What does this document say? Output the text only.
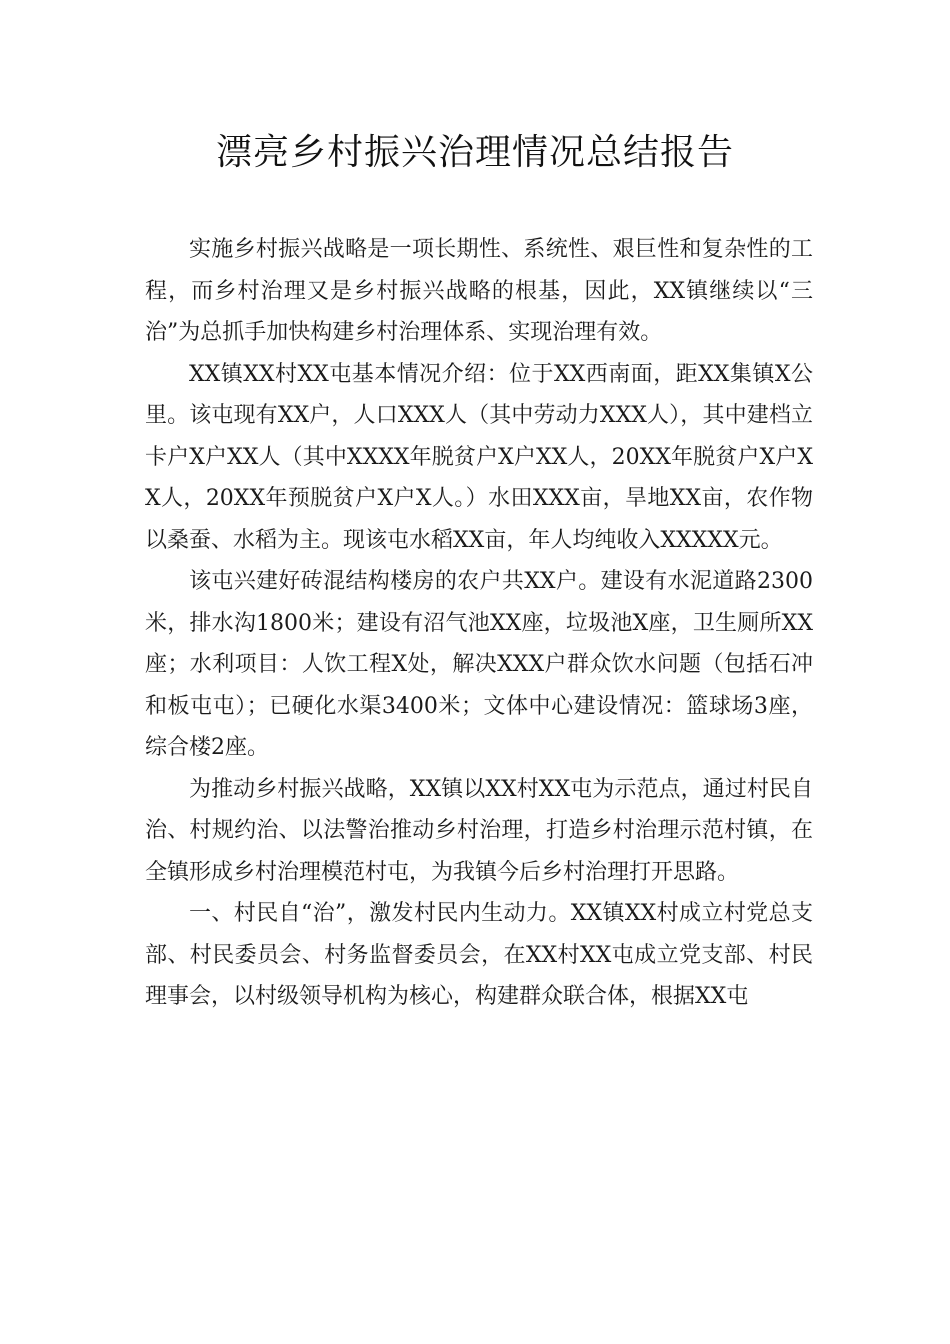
漂亮乡村振兴治理情况总结报告

实施乡村振兴战略是一项长期性、系统性、艰巨性和复杂性的工程，而乡村治理又是乡村振兴战略的根基，因此，XX镇继续以“三治”为总抓手加快构建乡村治理体系、实现治理有效。

XX镇XX村XX屯基本情况介绍：位于XX西南面，距XX集镇X公里。该屯现有XX户，人口XXX人（其中劳动力XXX人），其中建档立卡户X户XX人（其中XXXX年脱贫户X户XX人，20XX年脱贫户X户XX人，20XX年预脱贫户X户X人。）水田XXX亩，旱地XX亩，农作物以桑蚕、水稻为主。现该屯水稻XX亩，年人均纯收入XXXXX元。

该屯兴建好砖混结构楼房的农户共XX户。建设有水泥道路2300米，排水沟1800米；建设有沼气池XX座，垃圾池X座，卫生厕所XX座；水利项目：人饮工程X处，解决XXX户群众饮水问题（包括石冲和板屯屯）；已硬化水渠3400米；文体中心建设情况：篮球场3座，综合楼2座。

为推动乡村振兴战略，XX镇以XX村XX屯为示范点，通过村民自治、村规约治、以法警治推动乡村治理，打造乡村治理示范村镇，在全镇形成乡村治理模范村屯，为我镇今后乡村治理打开思路。

一、村民自“治”，激发村民内生动力。XX镇XX村成立村党总支部、村民委员会、村务监督委员会，在XX村XX屯成立党支部、村民理事会，以村级领导机构为核心，构建群众联合体，根据XX屯
